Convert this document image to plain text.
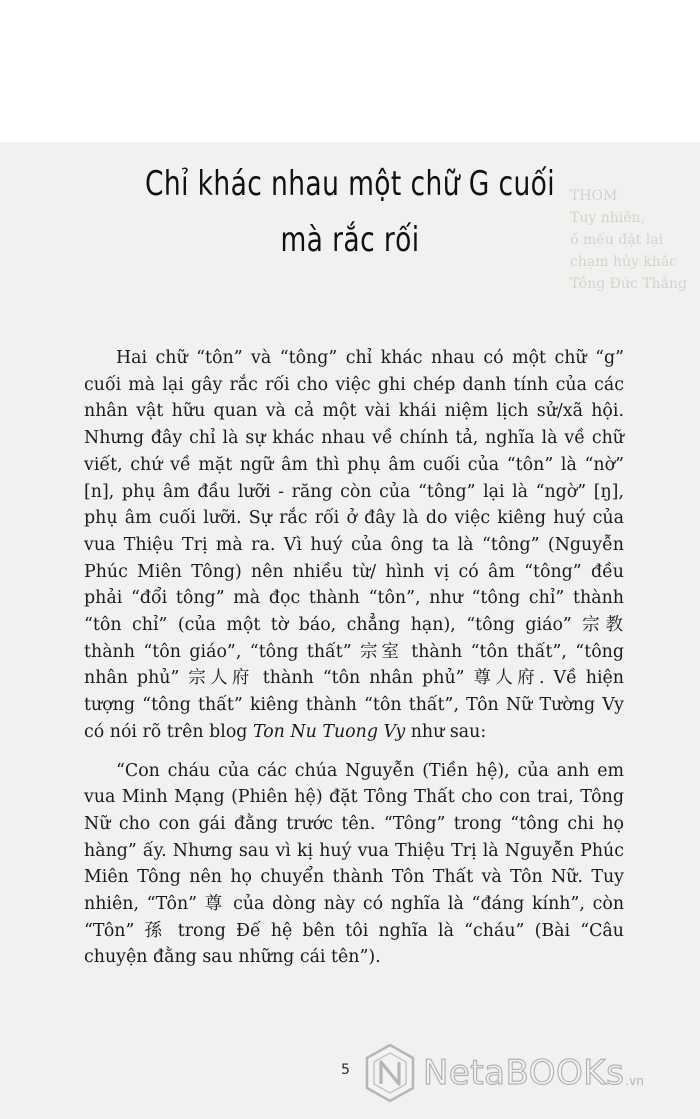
THOM
Tuy nhiên,
ố mếu đặt lại
chạm hủy khắc
Tông Đức Thắng
Chỉ khác nhau một chữ G cuối
mà rắc rối

Hai chữ “tôn” và “tông” chỉ khác nhau có một chữ “g” cuối mà lại gây rắc rối cho việc ghi chép danh tính của các nhân vật hữu quan và cả một vài khái niệm lịch sử/xã hội. Nhưng đây chỉ là sự khác nhau về chính tả, nghĩa là về chữ viết, chứ về mặt ngữ âm thì phụ âm cuối của “tôn” là “nờ” [n], phụ âm đầu lưỡi - răng còn của “tông” lại là “ngờ” [ŋ], phụ âm cuối lưỡi. Sự rắc rối ở đây là do việc kiêng huý của vua Thiệu Trị mà ra. Vì huý của ông ta là “tông” (Nguyễn Phúc Miên Tông) nên nhiều từ/ hình vị có âm “tông” đều phải “đổi tông” mà đọc thành “tôn”, như “tông chỉ” thành “tôn chỉ” (của một tờ báo, chẳng hạn), “tông giáo” 宗教 thành “tôn giáo”, “tông thất” 宗室 thành “tôn thất”, “tông nhân phủ” 宗人府 thành “tôn nhân phủ” 尊人府. Về hiện tượng “tông thất” kiêng thành “tôn thất”, Tôn Nữ Tường Vy có nói rõ trên blog Ton Nu Tuong Vy như sau:

“Con cháu của các chúa Nguyễn (Tiền hệ), của anh em vua Minh Mạng (Phiên hệ) đặt Tông Thất cho con trai, Tông Nữ cho con gái đằng trước tên. “Tông” trong “tông chi họ hàng” ấy. Nhưng sau vì kị huý vua Thiệu Trị là Nguyễn Phúc Miên Tông nên họ chuyển thành Tôn Thất và Tôn Nữ. Tuy nhiên, “Tôn” 尊 của dòng này có nghĩa là “đáng kính”, còn “Tôn” 孫 trong Đế hệ bên tôi nghĩa là “cháu” (Bài “Câu chuyện đằng sau những cái tên”).

5 NetaBOOKs .vn
